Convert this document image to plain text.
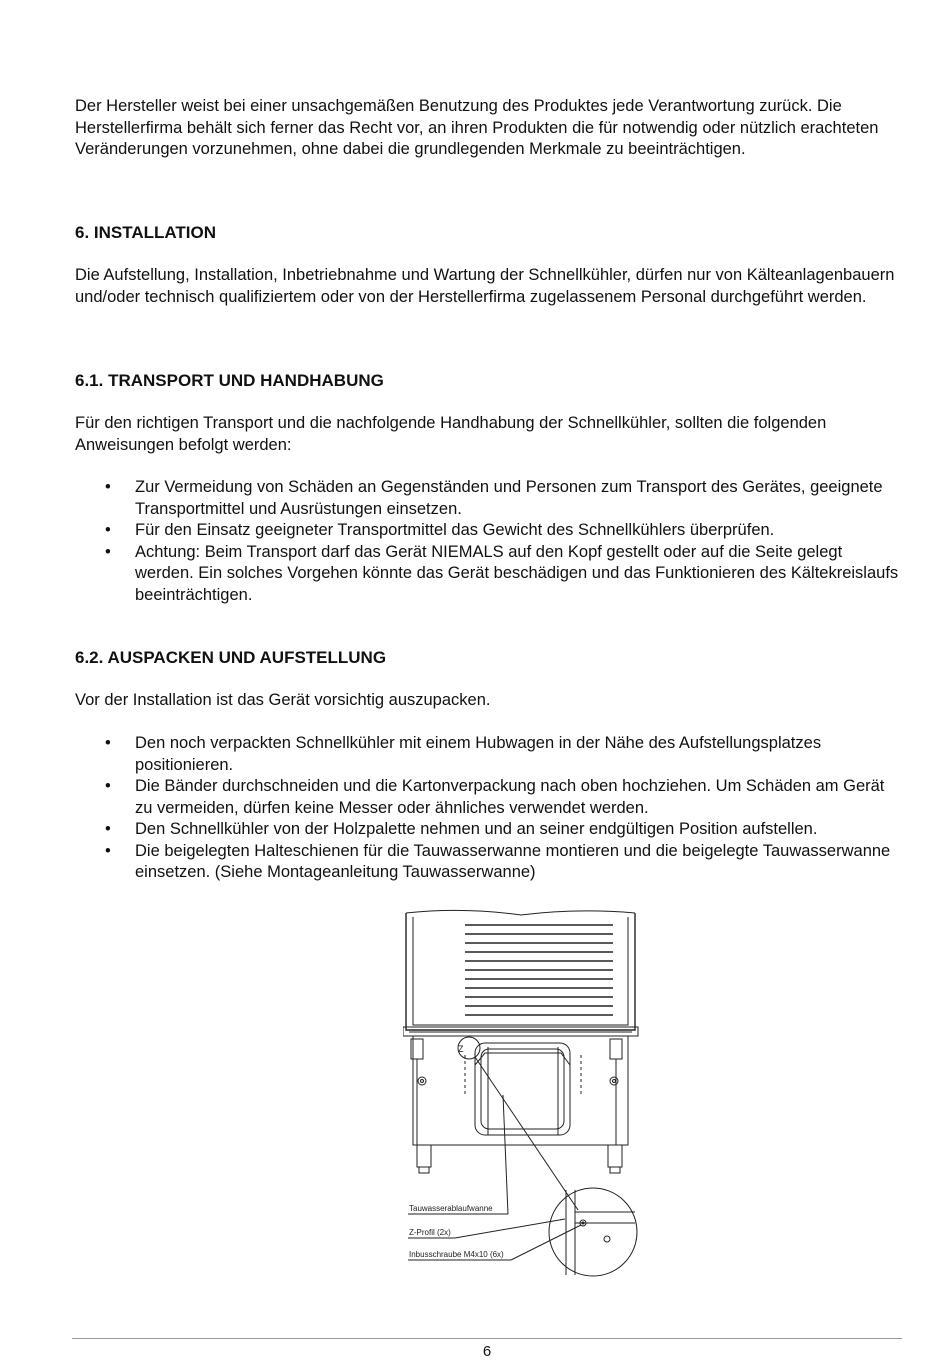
Der Hersteller weist bei einer unsachgemäßen Benutzung des Produktes jede Verantwortung zurück. Die Herstellerfirma behält sich ferner das Recht vor, an ihren Produkten die für notwendig oder nützlich erachteten Veränderungen vorzunehmen, ohne dabei die grundlegenden Merkmale zu beeinträchtigen.

6. INSTALLATION

Die Aufstellung, Installation, Inbetriebnahme und Wartung der Schnellkühler, dürfen nur von Kälteanlagenbauern und/oder technisch qualifiziertem oder von der Herstellerfirma zugelassenem Personal durchgeführt werden.

6.1. TRANSPORT UND HANDHABUNG

Für den richtigen Transport und die nachfolgende Handhabung der Schnellkühler, sollten die folgenden Anweisungen befolgt werden:

• Zur Vermeidung von Schäden an Gegenständen und Personen zum Transport des Gerätes, geeignete Transportmittel und Ausrüstungen einsetzen.
• Für den Einsatz geeigneter Transportmittel das Gewicht des Schnellkühlers überprüfen.
• Achtung: Beim Transport darf das Gerät NIEMALS auf den Kopf gestellt oder auf die Seite gelegt werden. Ein solches Vorgehen könnte das Gerät beschädigen und das Funktionieren des Kältekreislaufs beeinträchtigen.
6.2. AUSPACKEN UND AUFSTELLUNG

Vor der Installation ist das Gerät vorsichtig auszupacken.

• Den noch verpackten Schnellkühler mit einem Hubwagen in der Nähe des Aufstellungsplatzes positionieren.
• Die Bänder durchschneiden und die Kartonverpackung nach oben hochziehen. Um Schäden am Gerät zu vermeiden, dürfen keine Messer oder ähnliches verwendet werden.
• Den Schnellkühler von der Holzpalette nehmen und an seiner endgültigen Position aufstellen.
• Die beigelegten Halteschienen für die Tauwasserwanne montieren und die beigelegte Tauwasserwanne einsetzen. (Siehe Montageanleitung Tauwasserwanne)
Z
Tauwasserablaufwanne
Z-Profil (2x)
Inbusschraube M4x10 (6x)
6
